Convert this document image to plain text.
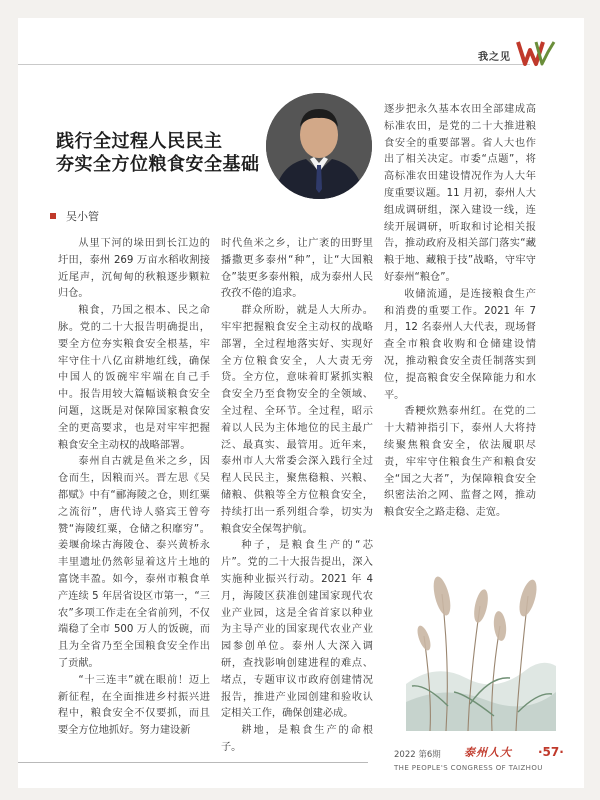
我之见
践行全过程人民民主
夯实全方位粮食安全基础
吴小管

从里下河的垛田到长江边的圩田，泰州 269 万亩水稻收割接近尾声，沉甸甸的秋粮逐步颗粒归仓。

粮食，乃国之根本、民之命脉。党的二十大报告明确提出，要全方位夯实粮食安全根基，牢牢守住十八亿亩耕地红线，确保中国人的饭碗牢牢端在自己手中。报告用较大篇幅谈粮食安全问题，这既是对保障国家粮食安全的更高要求，也是对牢牢把握粮食安全主动权的战略部署。

泰州自古就是鱼米之乡，因仓而生，因粮而兴。晋左思《吴都赋》中有“郦海陵之仓，则红粟之流衍”，唐代诗人骆宾王曾夸赞“海陵红粟，仓储之积靡穷”。姜堰俞垛古海陵仓、泰兴黄桥永丰里遗址仍然彰显着这片土地的富饶丰盈。如今，泰州市粮食单产连续 5 年居省设区市第一，“三农”多项工作走在全省前列，不仅端稳了全市 500 万人的饭碗，而且为全省乃至全国粮食安全作出了贡献。

“十三连丰”就在眼前！迈上新征程，在全面推进乡村振兴进程中，粮食安全不仅要抓，而且要全方位地抓好。努力建设新

时代鱼米之乡，让广袤的田野里播撒更多泰州“种”，让“大国粮仓”装更多泰州粮，成为泰州人民孜孜不倦的追求。

群众所盼，就是人大所办。牢牢把握粮食安全主动权的战略部署，全过程地落实好、实现好全方位粮食安全，人大责无旁贷。全方位，意味着盯紧抓实粮食安全乃至食物安全的全领域、全过程、全环节。全过程，昭示着以人民为主体地位的民主最广泛、最真实、最管用。近年来，泰州市人大常委会深入践行全过程人民民主，聚焦稳粮、兴粮、储粮、供粮等全方位粮食安全，持续打出一系列组合拳，切实为粮食安全保驾护航。

种子，是粮食生产的“芯片”。党的二十大报告提出，深入实施种业振兴行动。2021 年 4 月，海陵区获准创建国家现代农业产业园，这是全省首家以种业为主导产业的国家现代农业产业园参创单位。泰州人大深入调研，查找影响创建进程的难点、堵点，专题审议市政府创建情况报告，推进产业园创建和验收认定相关工作，确保创建必成。

耕地，是粮食生产的命根子。

逐步把永久基本农田全部建成高标准农田，是党的二十大推进粮食安全的重要部署。省人大也作出了相关决定。市委“点题”，将高标准农田建设情况作为人大年度重要议题。11 月初，泰州人大组成调研组，深入建设一线，连续开展调研，听取和讨论相关报告，推动政府及相关部门落实“藏粮于地、藏粮于技”战略，守牢守好泰州“粮仓”。

收储流通，是连接粮食生产和消费的重要工作。2021 年 7 月，12 名泰州人大代表，现场督查全市粮食收购和仓储建设情况，推动粮食安全责任制落实到位，提高粮食安全保障能力和水平。

香粳炊熟泰州红。在党的二十大精神指引下，泰州人大将持续聚焦粮食安全，依法履职尽责，牢牢守住粮食生产和粮食安全“国之大者”，为保障粮食安全织密法治之网、监督之网，推动粮食安全之路走稳、走宽。

2022 第6期 泰州人大 ·57·
THE PEOPLE'S CONGRESS OF TAIZHOU
